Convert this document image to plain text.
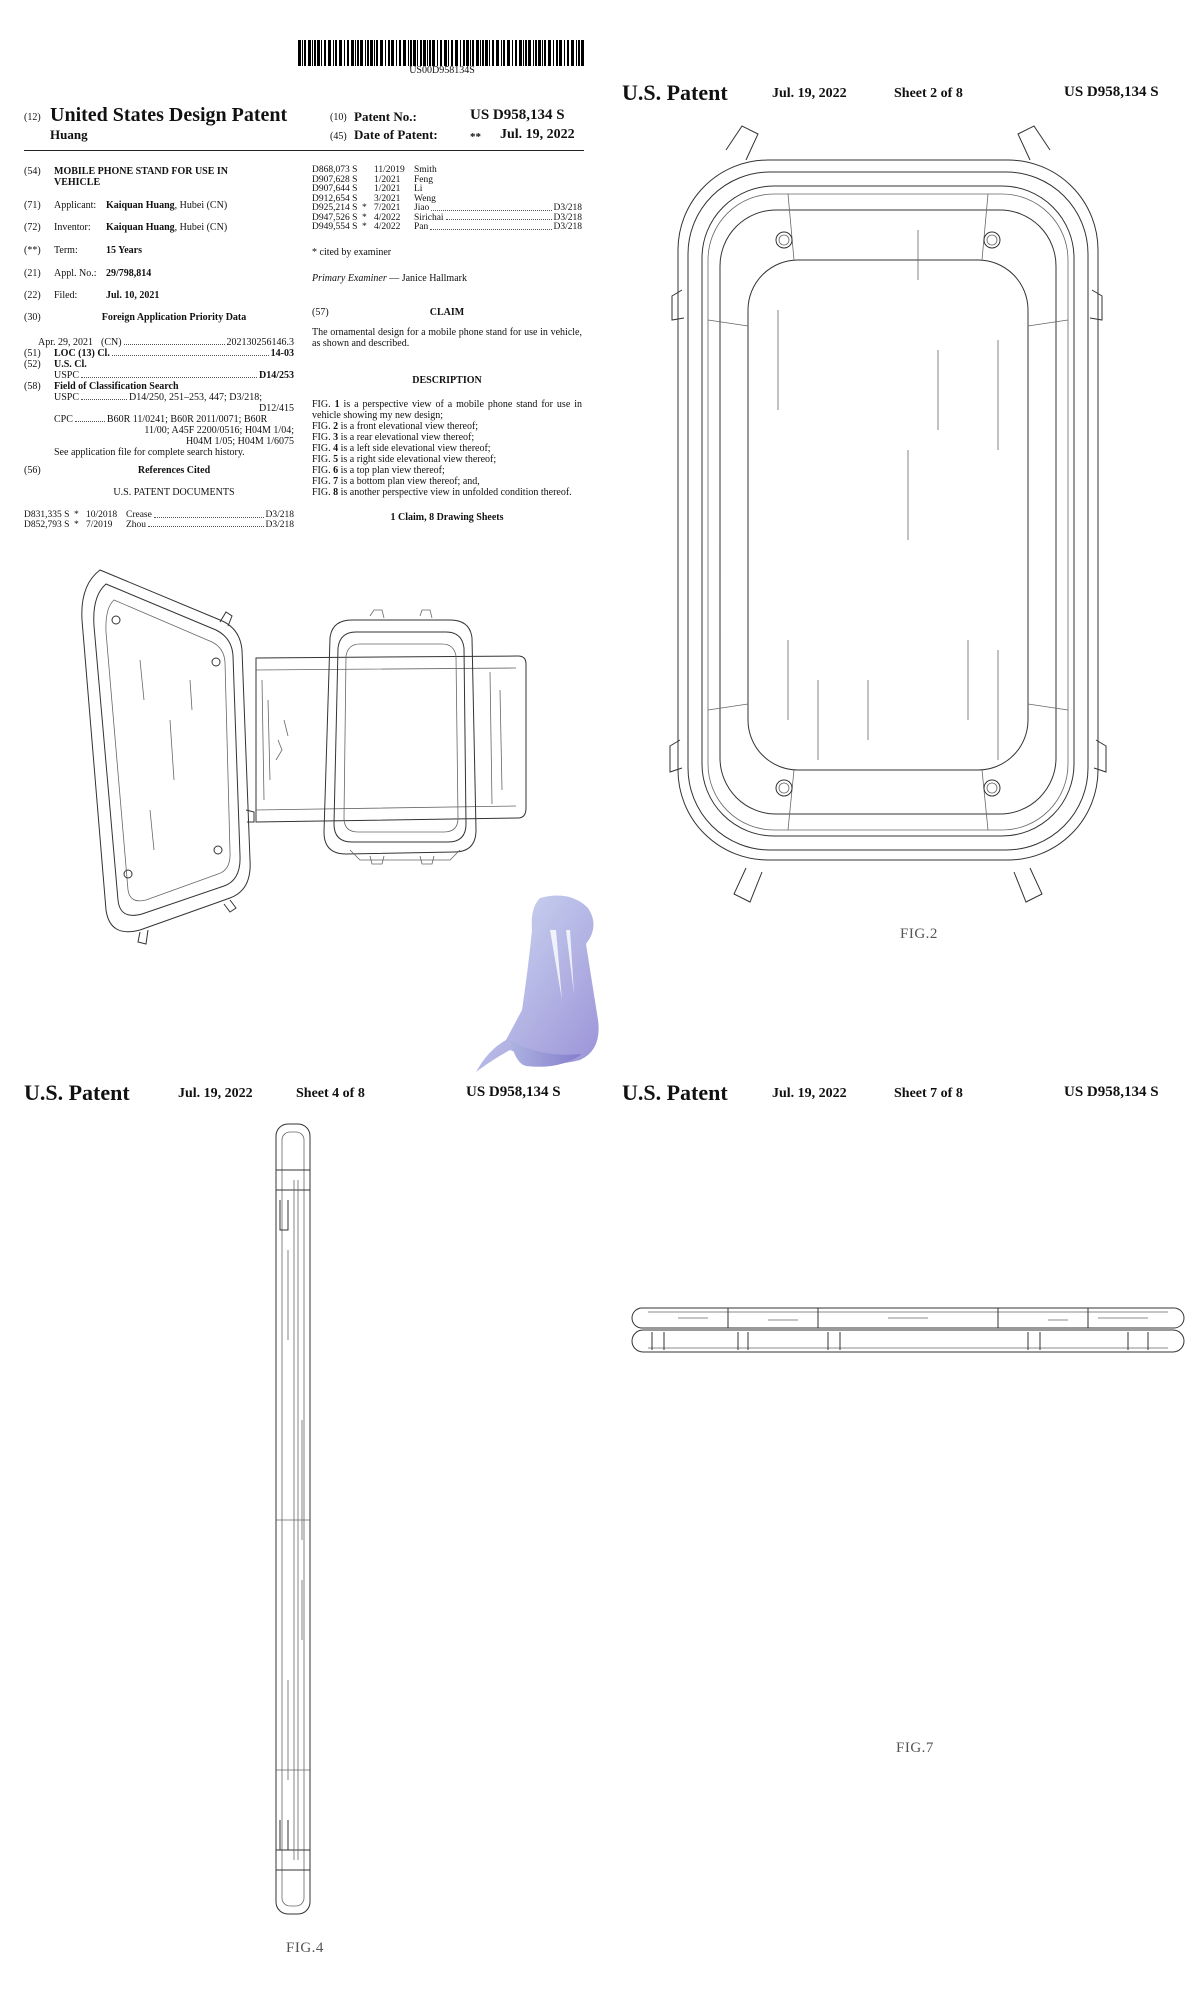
US00D958134S
(12) United States Design Patent
Huang
(10) Patent No.:	US D958,134 S
(45) Date of Patent:	** Jul. 19, 2022
(54)	MOBILE PHONE STAND FOR USE IN VEHICLE
(71)	Applicant: Kaiquan Huang , Hubei (CN)
(72)	Inventor:	Kaiquan Huang , Hubei (CN)
(**)	Term:	15 Years
(21)	Appl. No.: 29/798,814
(22)	Filed:	Jul. 10, 2021
(30)	Foreign Application Priority Data
Apr. 29, 2021 (CN)	202130256146.3
(51)	LOC (13) Cl.	14-03
(52)	U.S. Cl.
USPC	D14/253
(58)	Field of Classification Search
USPC	D14/250, 251–253, 447; D3/218;
D12/415
CPC	B60R 11/0241; B60R 2011/0071; B60R
11/00; A45F 2200/0516; H04M 1/04;
H04M 1/05; H04M 1/6075
See application file for complete search history.
(56)	References Cited
U.S. PATENT DOCUMENTS
D831,335 S * 10/2018 Crease	D3/218
D852,793 S * 7/2019	Zhou	D3/218
D868,073 S	11/2019 Smith
D907,628 S	1/2021	Feng
D907,644 S	1/2021	Li
D912,654 S	3/2021	Weng
D925,214 S * 7/2021	Jiao	D3/218
D947,526 S * 4/2022	Sirichai	D3/218
D949,554 S * 4/2022	Pan	D3/218
* cited by examiner
Primary Examiner — Janice Hallmark
(57)	CLAIM
The ornamental design for a mobile phone stand for use in vehicle, as shown and described.
DESCRIPTION
FIG. 1 is a perspective view of a mobile phone stand for use in vehicle showing my new design;
FIG. 2 is a front elevational view thereof;
FIG. 3 is a rear elevational view thereof;
FIG. 4 is a left side elevational view thereof;
FIG. 5 is a right side elevational view thereof;
FIG. 6 is a top plan view thereof;
FIG. 7 is a bottom plan view thereof; and,
FIG. 8 is another perspective view in unfolded condition thereof.
1 Claim, 8 Drawing Sheets
U.S. Patent	Jul. 19, 2022	Sheet 2 of 8	US D958,134 S
FIG.2
U.S. Patent	Jul. 19, 2022	Sheet 4 of 8	US D958,134 S
FIG.4
U.S. Patent	Jul. 19, 2022	Sheet 7 of 8	US D958,134 S
FIG.7
